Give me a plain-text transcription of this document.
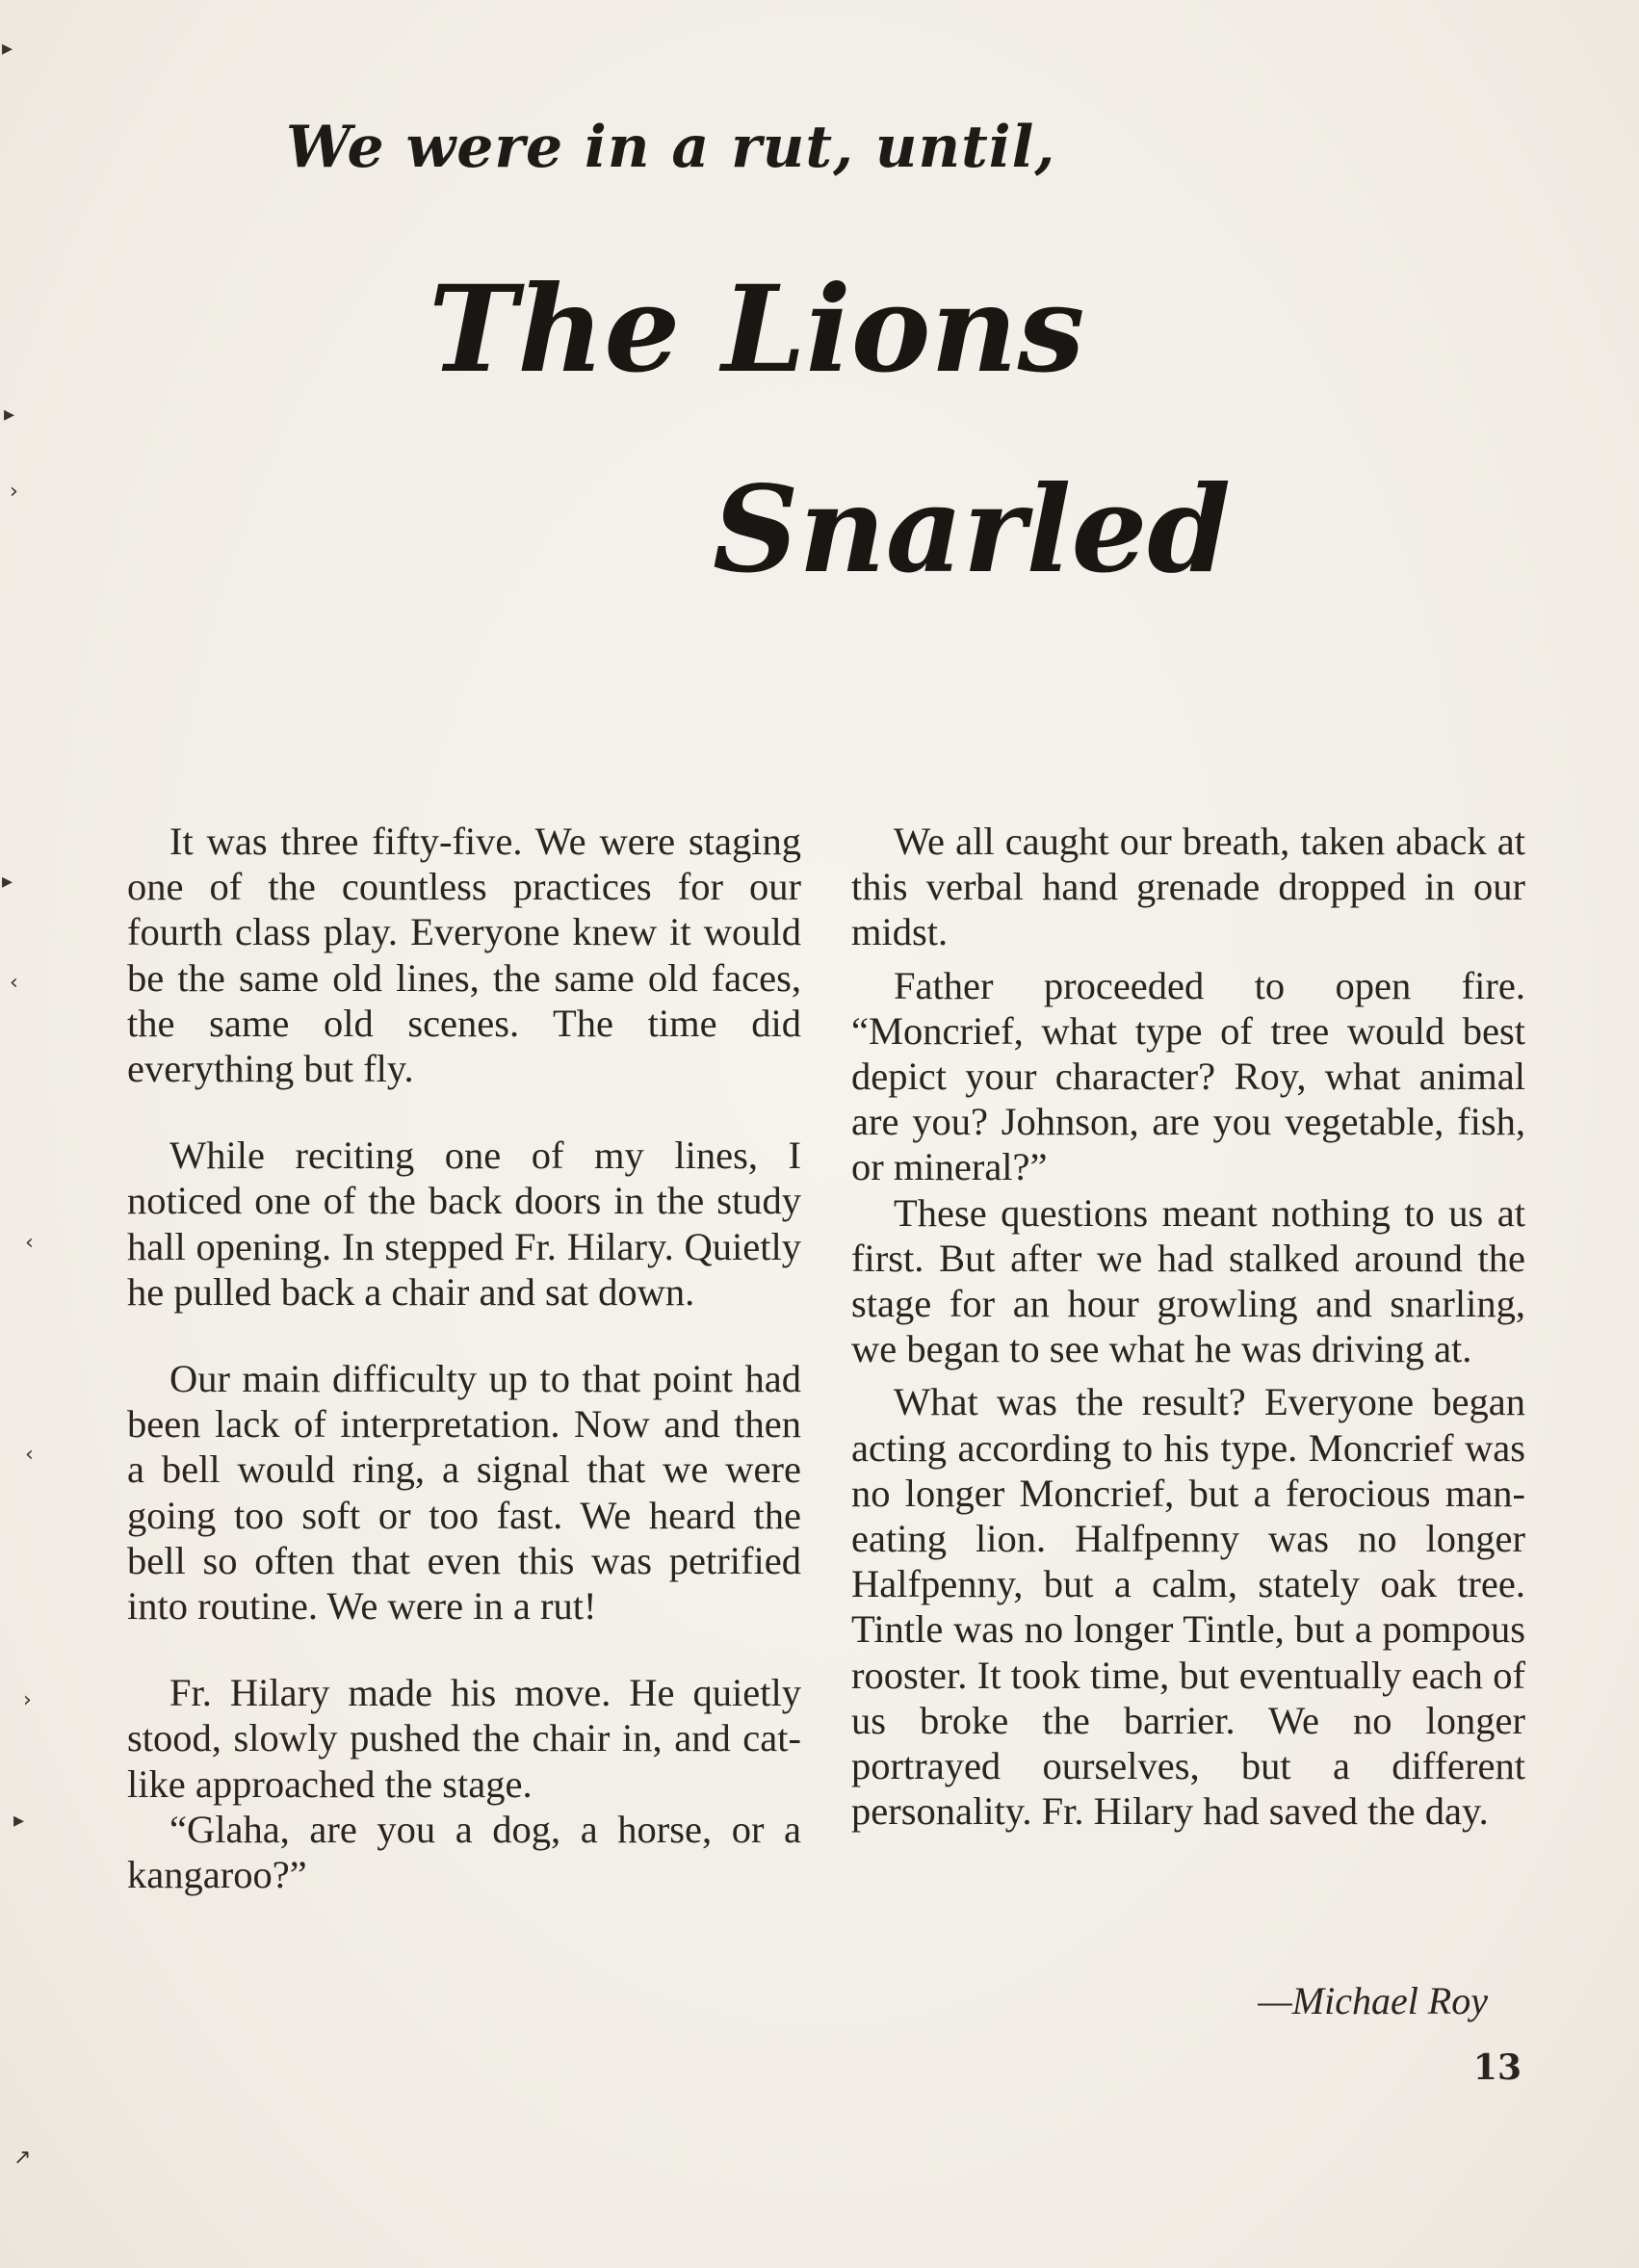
▸
▸
›
▸
‹
‹
‹
›
▸
↗
We were in a rut, until,
The Lions
Snarled

It was three fifty-five. We were staging one of the countless practices for our fourth class play. Everyone knew it would be the same old lines, the same old faces, the same old scenes. The time did everything but fly.

While reciting one of my lines, I noticed one of the back doors in the study hall opening. In stepped Fr. Hilary. Quietly he pulled back a chair and sat down.

Our main difficulty up to that point had been lack of interpretation. Now and then a bell would ring, a signal that we were going too soft or too fast. We heard the bell so often that even this was petrified into routine. We were in a rut!

Fr. Hilary made his move. He quietly stood, slowly pushed the chair in, and cat-like approached the stage.

“Glaha, are you a dog, a horse, or a kangaroo?”

We all caught our breath, taken aback at this verbal hand grenade dropped in our midst.

Father proceeded to open fire. “Moncrief, what type of tree would best depict your character? Roy, what animal are you? Johnson, are you vegetable, fish, or mineral?”

These questions meant nothing to us at first. But after we had stalked around the stage for an hour growling and snarling, we began to see what he was driving at.

What was the result? Everyone began acting according to his type. Moncrief was no longer Moncrief, but a ferocious man-eating lion. Halfpenny was no longer Halfpenny, but a calm, stately oak tree. Tintle was no longer Tintle, but a pompous rooster. It took time, but eventually each of us broke the barrier. We no longer portrayed ourselves, but a different personality. Fr. Hilary had saved the day.

—Michael Roy
13
